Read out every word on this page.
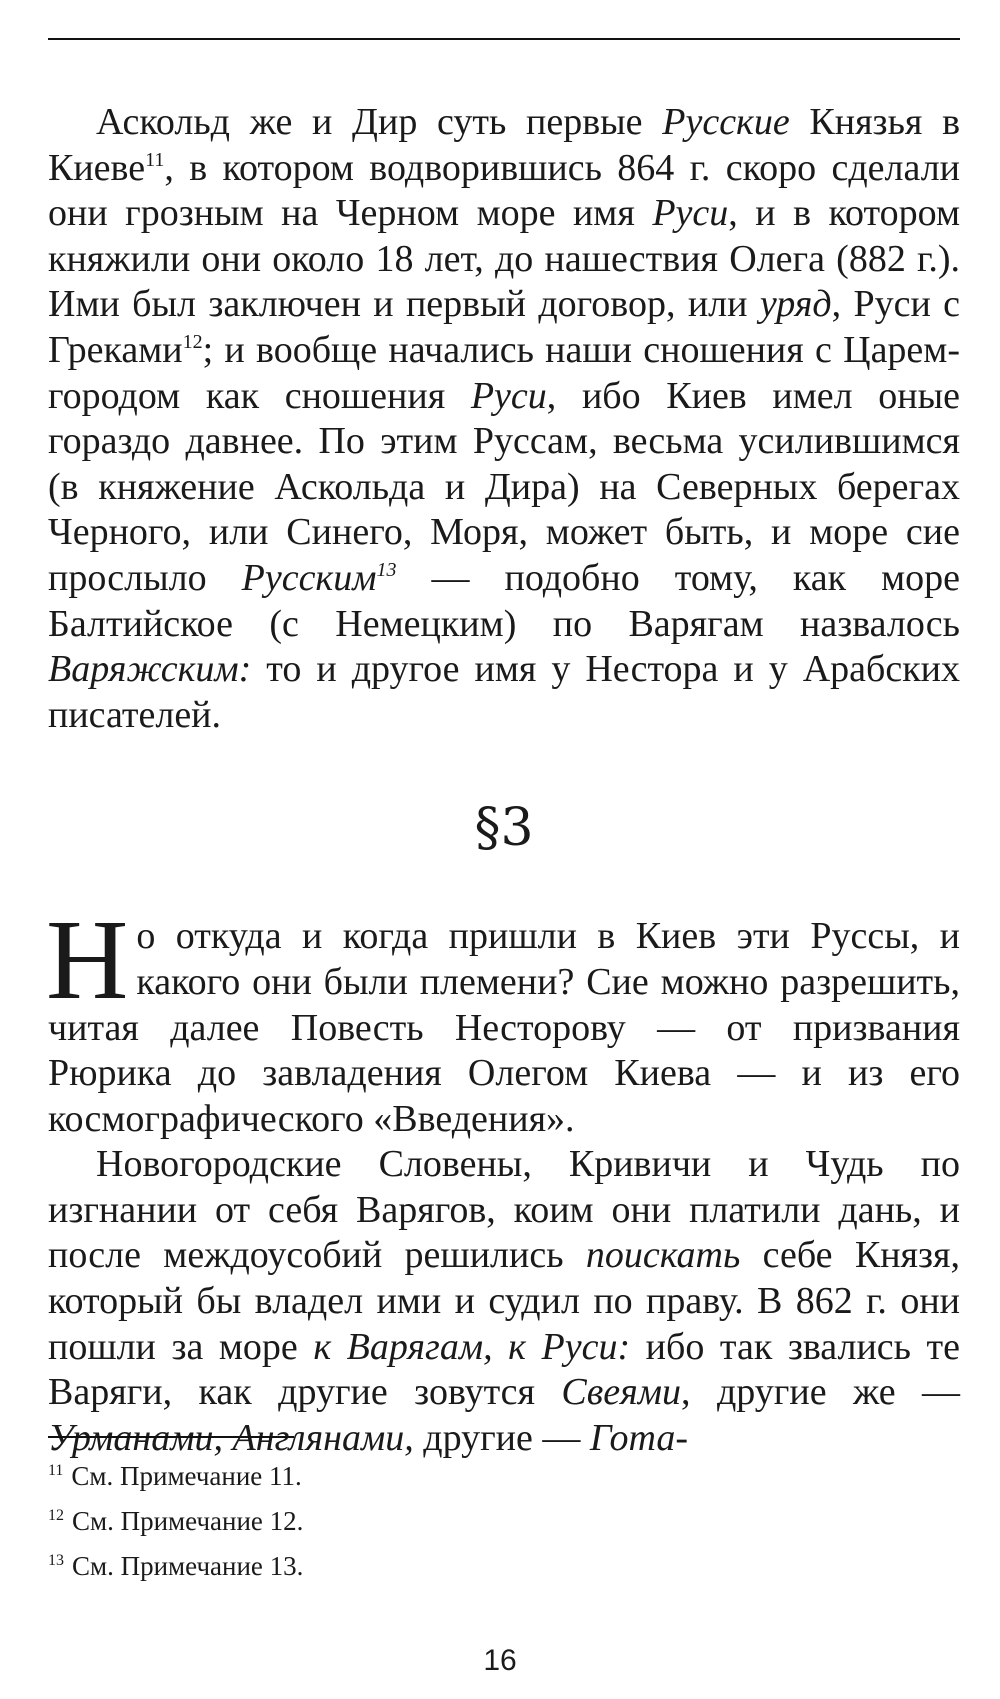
Аскольд же и Дир суть первые Русские Князья в Киеве$^{11}$, в котором водворившись 864 г. скоро сделали они грозным на Черном море имя Руси, и в котором княжили они около 18 лет, до нашествия Олега (882 г.). Ими был заключен и первый договор, или уряд, Руси с Греками$^{12}$; и вообще начались наши сношения с Царем-городом как сношения Руси, ибо Киев имел оные гораздо давнее. По этим Руссам, весьма усилившимся (в княжение Аскольда и Дира) на Северных берегах Черного, или Синего, Моря, может быть, и море сие прослыло Русским$^{13}$ — подобно тому, как море Балтийское (с Немецким) по Варягам назвалось Варяжским: то и другое имя у Нестора и у Арабских писателей.

§3

Но откуда и когда пришли в Киев эти Руссы, и какого они были племени? Сие можно разрешить, читая далее Повесть Несторову — от призвания Рюрика до завладения Олегом Киева — и из его космографического «Введения».

Новогородские Словены, Кривичи и Чудь по изгнании от себя Варягов, коим они платили дань, и после междоусобий решились поискать себе Князя, который бы владел ими и судил по праву. В 862 г. они пошли за море к Варягам, к Руси: ибо так звались те Варяги, как другие зовутся Свеями, другие же — Урманами, Англянами, другие — Гота-

$^{11}$ См. Примечание 11.
$^{12}$ См. Примечание 12.
$^{13}$ См. Примечание 13.
16
